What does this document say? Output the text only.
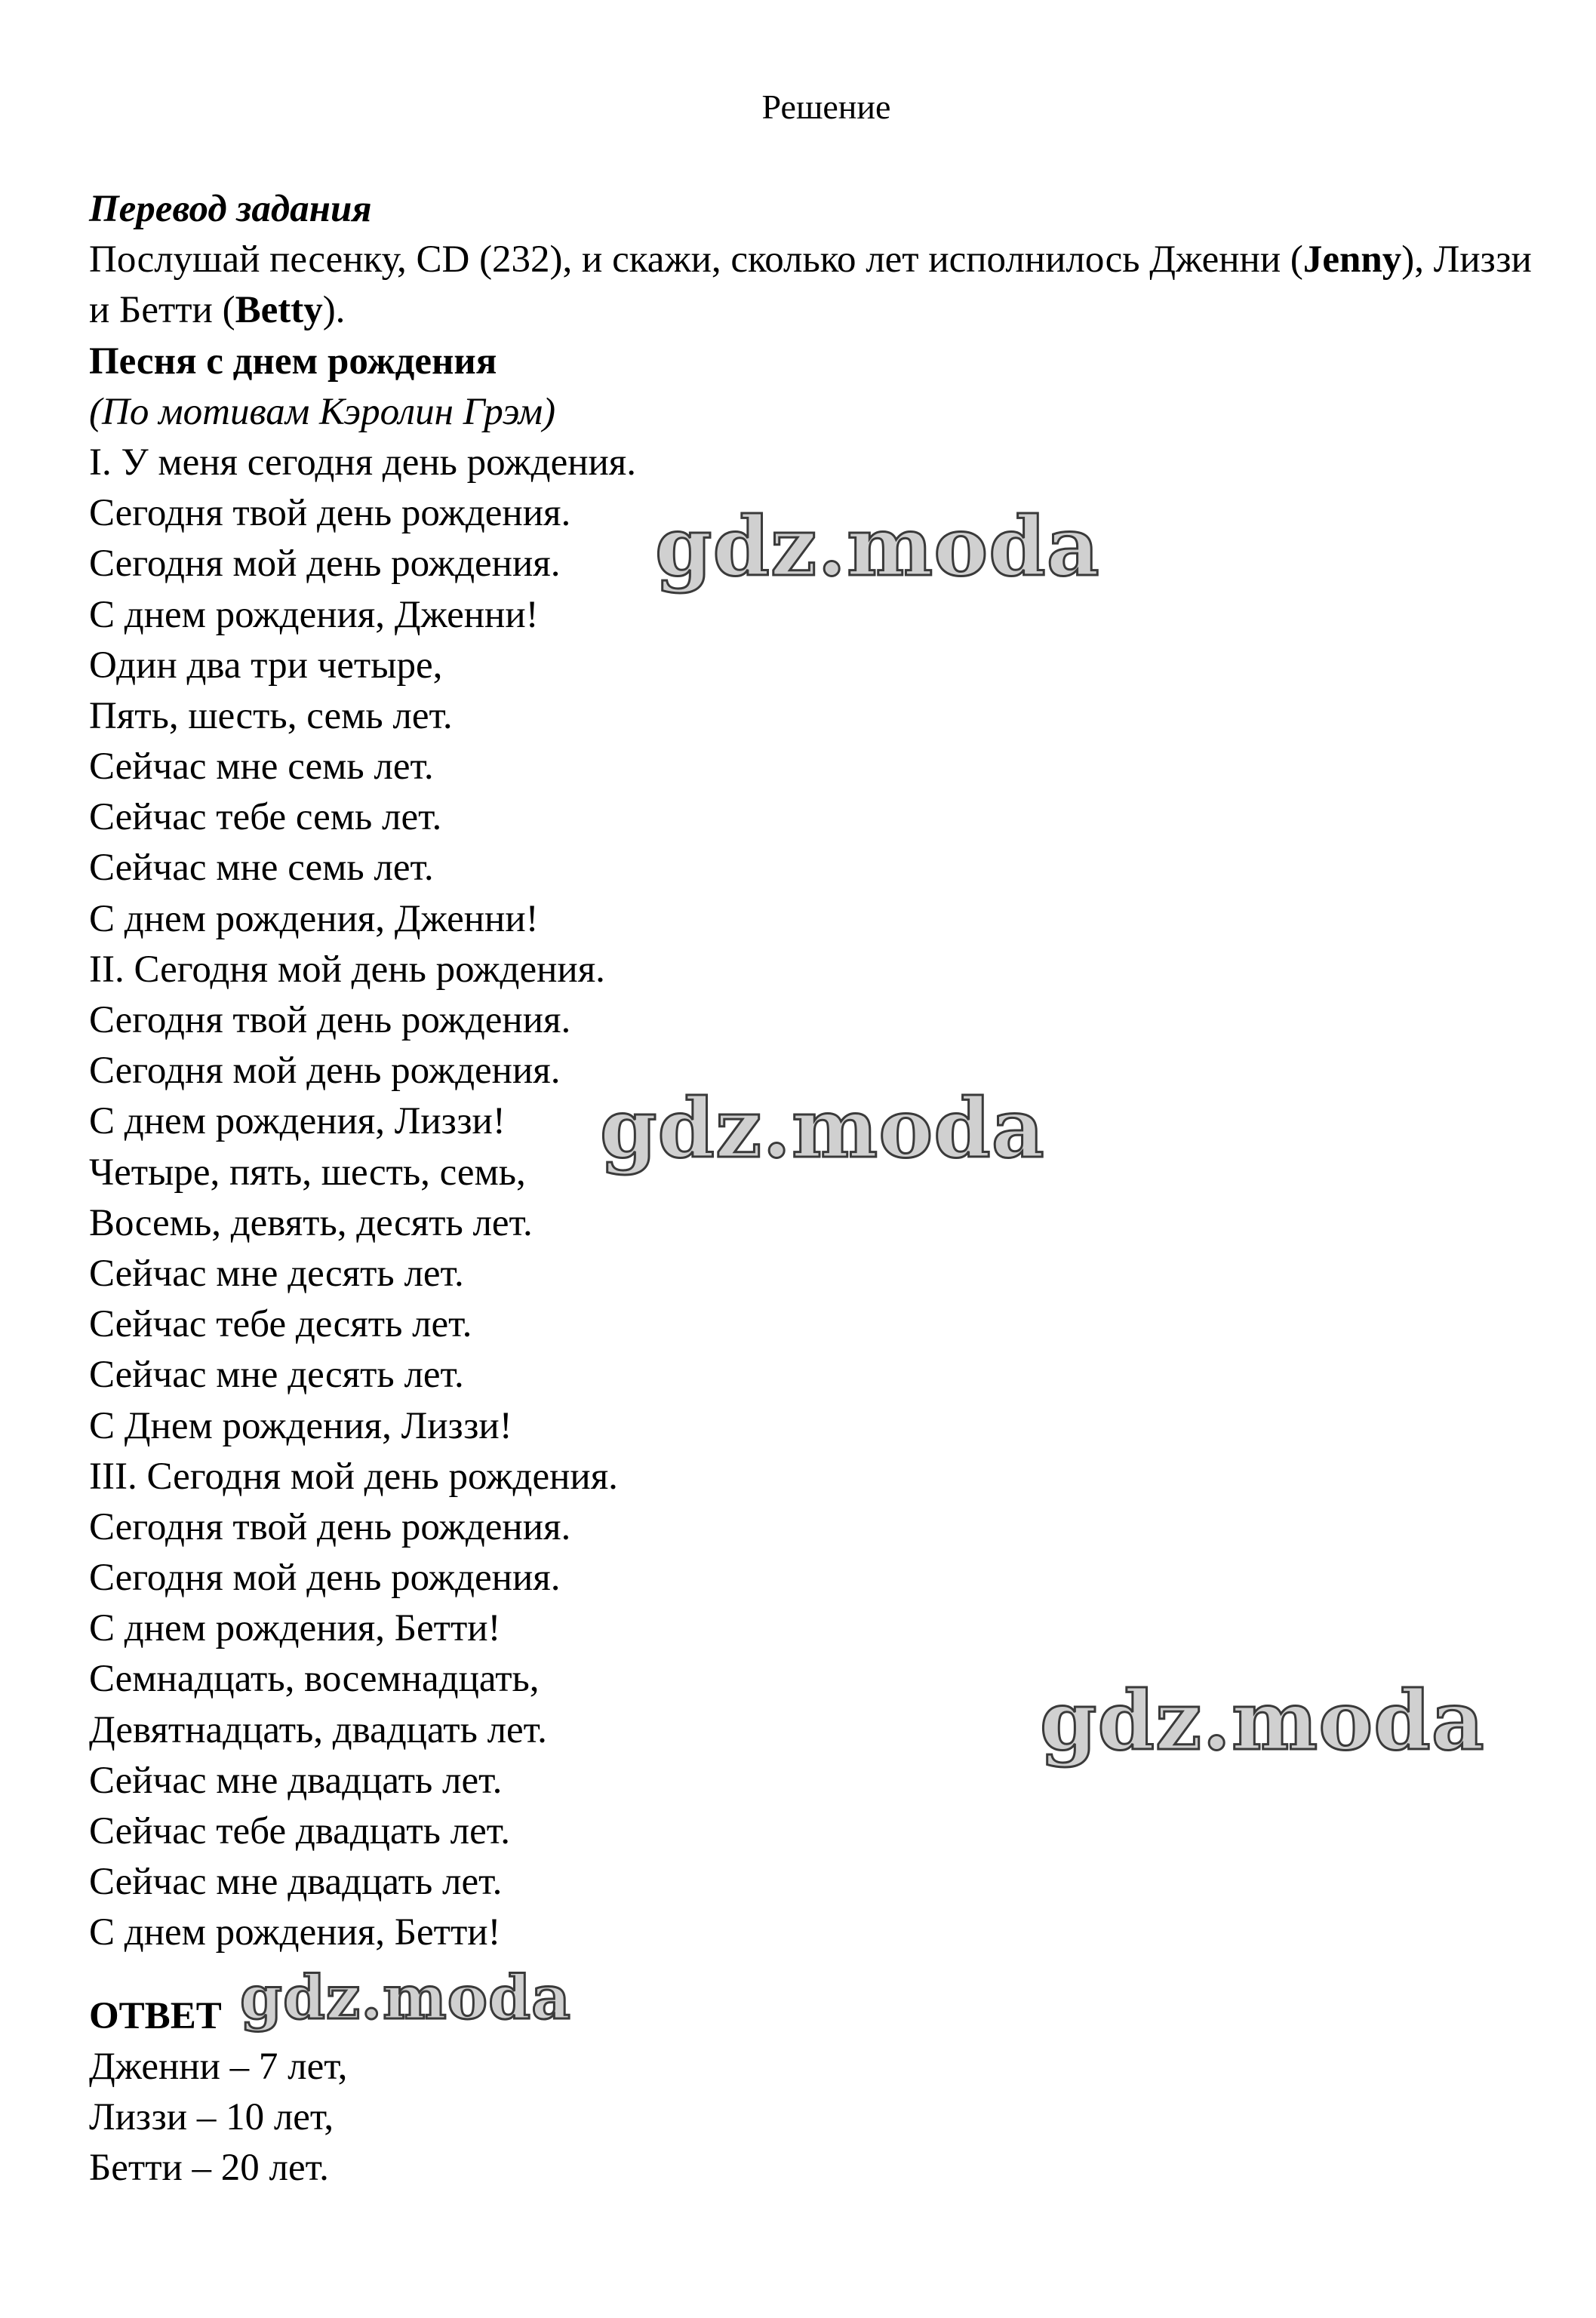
Решение
Перевод задания
Послушай песенку, CD (232), и скажи, сколько лет исполнилось Дженни (Jenny), Лиззи и Бетти (Betty).
Песня с днем рождения
(По мотивам Кэролин Грэм)
I. У меня сегодня день рождения.
Сегодня твой день рождения.
Сегодня мой день рождения.
С днем рождения, Дженни!
Один два три четыре,
Пять, шесть, семь лет.
Сейчас мне семь лет.
Сейчас тебе семь лет.
Сейчас мне семь лет.
С днем рождения, Дженни!
II. Сегодня мой день рождения.
Сегодня твой день рождения.
Сегодня мой день рождения.
С днем рождения, Лиззи!
Четыре, пять, шесть, семь,
Восемь, девять, десять лет.
Сейчас мне десять лет.
Сейчас тебе десять лет.
Сейчас мне десять лет.
С Днем рождения, Лиззи!
III. Сегодня мой день рождения.
Сегодня твой день рождения.
Сегодня мой день рождения.
С днем рождения, Бетти!
Семнадцать, восемнадцать,
Девятнадцать, двадцать лет.
Сейчас мне двадцать лет.
Сейчас тебе двадцать лет.
Сейчас мне двадцать лет.
С днем рождения, Бетти!
ОТВЕТ
Дженни – 7 лет,
Лиззи – 10 лет,
Бетти – 20 лет.
gdz.moda
gdz.moda
gdz.moda
gdz.moda
